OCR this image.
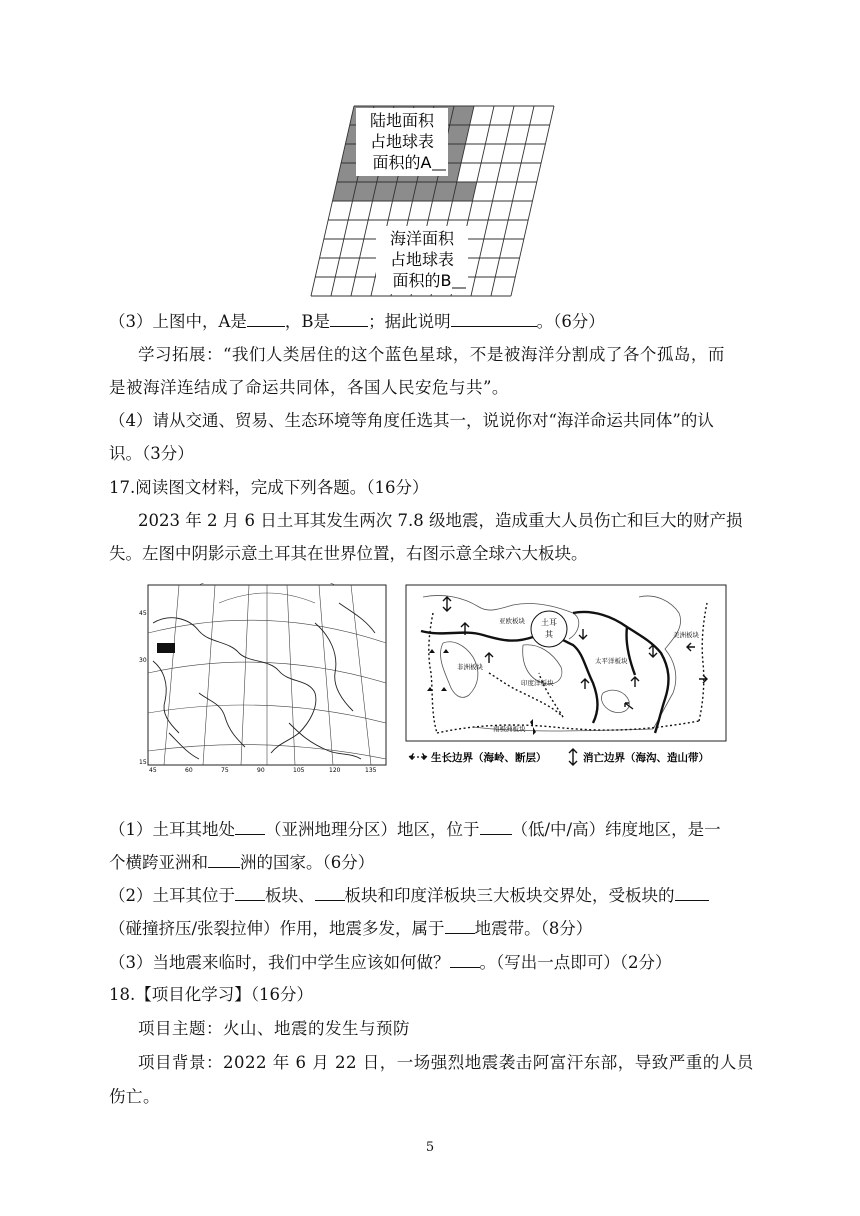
陆地面积
占地球表
面积的A
海洋面积
占地球表
面积的B
（3）上图中，A是 ，B是 ；据此说明	。（6分）
学习拓展：“我们人类居住的这个蓝色星球，不是被海洋分割成了各个孤岛，而
是被海洋连结成了命运共同体，各国人民安危与共”。
（4）请从交通、贸易、生态环境等角度任选其一，说说你对“海洋命运共同体”的认
识。（3分）
17.阅读图文材料，完成下列各题。（16分）
2023 年 2 月 6 日土耳其发生两次 7.8 级地震，造成重大人员伤亡和巨大的财产损
失。左图中阴影示意土耳其在世界位置，右图示意全球六大板块。
45
30
15
45	60	75	90	105	120	135
土耳
其
亚欧板块
非洲板块
印度洋板块
太平洋板块
美洲板块
南极洲板块
生长边界（海岭、断层）	消亡边界（海沟、造山带）
（1）土耳其地处 （亚洲地理分区）地区，位于 （低/中/高）纬度地区，是一
个横跨亚洲和 洲的国家。（6分）
（2）土耳其位于 板块、 板块和印度洋板块三大板块交界处，受板块的
（碰撞挤压/张裂拉伸）作用，地震多发，属于 地震带。（8分）
（3）当地震来临时，我们中学生应该如何做？ 。（写出一点即可）（2分）
18.【项目化学习】（16分）
项目主题：火山、地震的发生与预防
项目背景：2022 年 6 月 22 日，一场强烈地震袭击阿富汗东部，导致严重的人员
伤亡。
5
